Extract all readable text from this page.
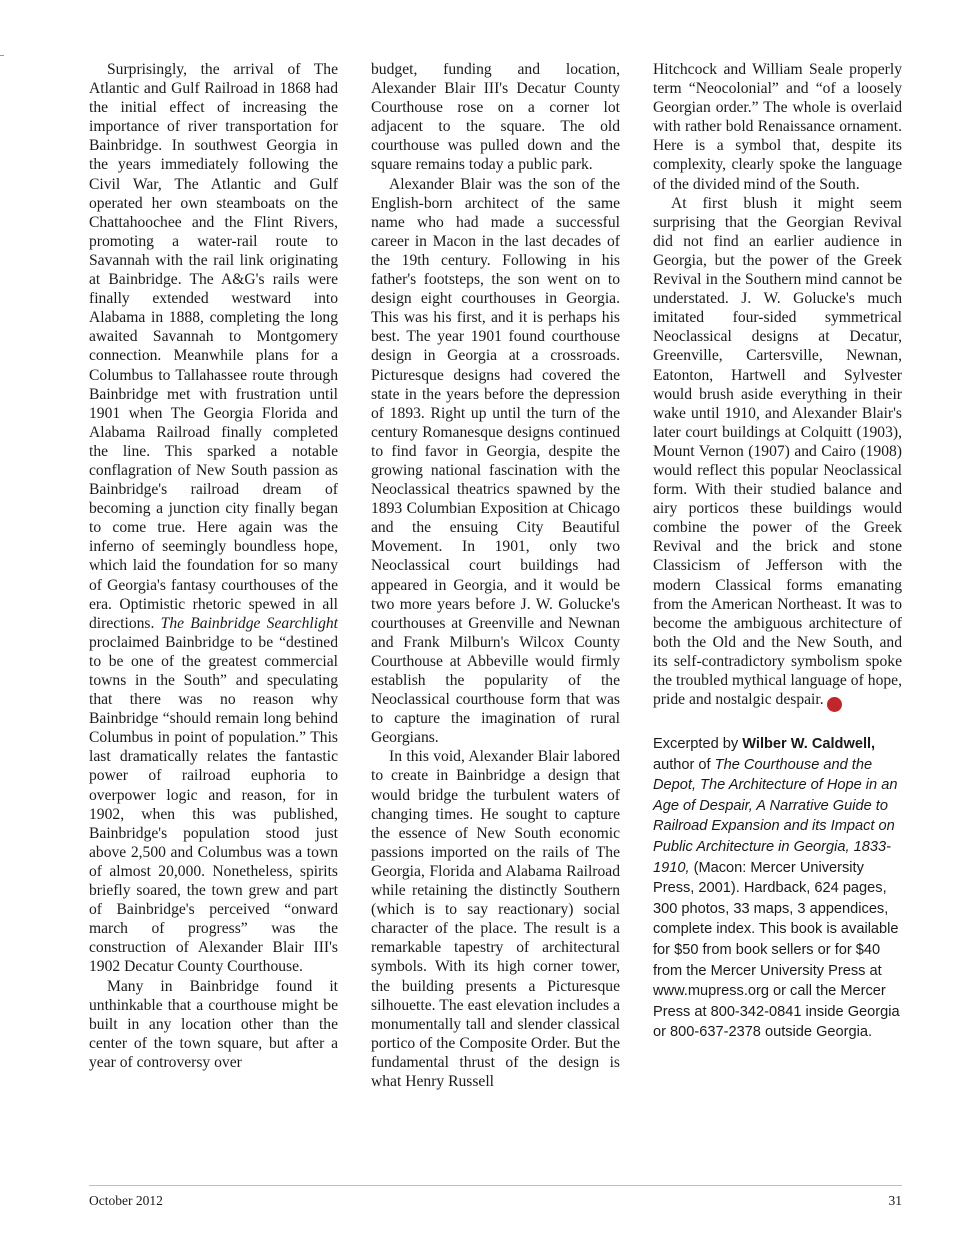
Surprisingly, the arrival of The Atlantic and Gulf Railroad in 1868 had the initial effect of increasing the importance of river transportation for Bainbridge. In southwest Georgia in the years immediately following the Civil War, The Atlantic and Gulf operated her own steamboats on the Chattahoochee and the Flint Rivers, promoting a water-rail route to Savannah with the rail link originating at Bainbridge. The A&G's rails were finally extended westward into Alabama in 1888, completing the long awaited Savannah to Montgomery connection. Meanwhile plans for a Columbus to Tallahassee route through Bainbridge met with frustration until 1901 when The Georgia Florida and Alabama Railroad finally completed the line. This sparked a notable conflagration of New South passion as Bainbridge's railroad dream of becoming a junction city finally began to come true. Here again was the inferno of seemingly boundless hope, which laid the foundation for so many of Georgia's fantasy courthouses of the era. Optimistic rhetoric spewed in all directions. The Bainbridge Searchlight proclaimed Bainbridge to be “destined to be one of the greatest commercial towns in the South” and speculating that there was no reason why Bainbridge “should remain long behind Columbus in point of population.” This last dramatically relates the fantastic power of railroad euphoria to overpower logic and reason, for in 1902, when this was published, Bainbridge's population stood just above 2,500 and Columbus was a town of almost 20,000. Nonetheless, spirits briefly soared, the town grew and part of Bainbridge's perceived “onward march of progress” was the construction of Alexander Blair III's 1902 Decatur County Courthouse.

Many in Bainbridge found it unthinkable that a courthouse might be built in any location other than the center of the town square, but after a year of controversy over

budget, funding and location, Alexander Blair III's Decatur County Courthouse rose on a corner lot adjacent to the square. The old courthouse was pulled down and the square remains today a public park.

Alexander Blair was the son of the English-born architect of the same name who had made a successful career in Macon in the last decades of the 19th century. Following in his father's footsteps, the son went on to design eight courthouses in Georgia. This was his first, and it is perhaps his best. The year 1901 found courthouse design in Georgia at a crossroads. Picturesque designs had covered the state in the years before the depression of 1893. Right up until the turn of the century Romanesque designs continued to find favor in Georgia, despite the growing national fascination with the Neoclassical theatrics spawned by the 1893 Columbian Exposition at Chicago and the ensuing City Beautiful Movement. In 1901, only two Neoclassical court buildings had appeared in Georgia, and it would be two more years before J. W. Golucke's courthouses at Greenville and Newnan and Frank Milburn's Wilcox County Courthouse at Abbeville would firmly establish the popularity of the Neoclassical courthouse form that was to capture the imagination of rural Georgians.

In this void, Alexander Blair labored to create in Bainbridge a design that would bridge the turbulent waters of changing times. He sought to capture the essence of New South economic passions imported on the rails of The Georgia, Florida and Alabama Railroad while retaining the distinctly Southern (which is to say reactionary) social character of the place. The result is a remarkable tapestry of architectural symbols. With its high corner tower, the building presents a Picturesque silhouette. The east elevation includes a monumentally tall and slender classical portico of the Composite Order. But the fundamental thrust of the design is what Henry Russell

Hitchcock and William Seale properly term “Neocolonial” and “of a loosely Georgian order.” The whole is overlaid with rather bold Renaissance ornament. Here is a symbol that, despite its complexity, clearly spoke the language of the divided mind of the South.

At first blush it might seem surprising that the Georgian Revival did not find an earlier audience in Georgia, but the power of the Greek Revival in the Southern mind cannot be understated. J. W. Golucke's much imitated four-sided symmetrical Neoclassical designs at Decatur, Greenville, Cartersville, Newnan, Eatonton, Hartwell and Sylvester would brush aside everything in their wake until 1910, and Alexander Blair's later court buildings at Colquitt (1903), Mount Vernon (1907) and Cairo (1908) would reflect this popular Neoclassical form. With their studied balance and airy porticos these buildings would combine the power of the Greek Revival and the brick and stone Classicism of Jefferson with the modern Classical forms emanating from the American Northeast. It was to become the ambiguous architecture of both the Old and the New South, and its self-contradictory symbolism spoke the troubled mythical language of hope, pride and nostalgic despair.	GBJ

Excerpted by Wilber W. Caldwell, author of The Courthouse and the Depot, The Architecture of Hope in an Age of Despair, A Narrative Guide to Railroad Expansion and its Impact on Public Architecture in Georgia, 1833-1910, (Macon: Mercer University Press, 2001). Hardback, 624 pages, 300 photos, 33 maps, 3 appendices, complete index. This book is available for $50 from book sellers or for $40 from the Mercer University Press at www.mupress.org or call the Mercer Press at 800-342-0841 inside Georgia or 800-637-2378 outside Georgia.
October 2012	31
